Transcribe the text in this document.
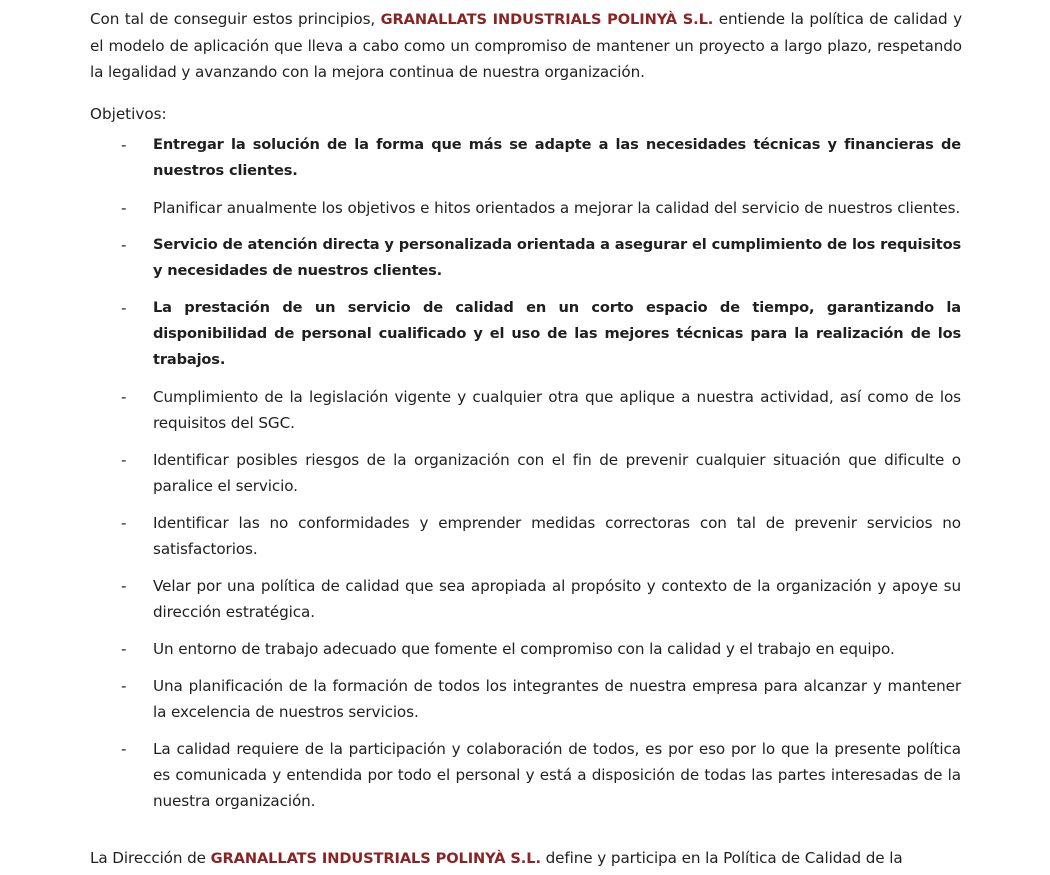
Con tal de conseguir estos principios, GRANALLATS INDUSTRIALS POLINYÀ S.L. entiende la política de calidad y el modelo de aplicación que lleva a cabo como un compromiso de mantener un proyecto a largo plazo, respetando la legalidad y avanzando con la mejora continua de nuestra organización.

Objetivos:
- Entregar la solución de la forma que más se adapte a las necesidades técnicas y financieras de nuestros clientes.
- Planificar anualmente los objetivos e hitos orientados a mejorar la calidad del servicio de nuestros clientes.
- Servicio de atención directa y personalizada orientada a asegurar el cumplimiento de los requisitos y necesidades de nuestros clientes.
- La prestación de un servicio de calidad en un corto espacio de tiempo, garantizando la disponibilidad de personal cualificado y el uso de las mejores técnicas para la realización de los trabajos.
- Cumplimiento de la legislación vigente y cualquier otra que aplique a nuestra actividad, así como de los requisitos del SGC.
- Identificar posibles riesgos de la organización con el fin de prevenir cualquier situación que dificulte o paralice el servicio.
- Identificar las no conformidades y emprender medidas correctoras con tal de prevenir servicios no satisfactorios.
- Velar por una política de calidad que sea apropiada al propósito y contexto de la organización y apoye su dirección estratégica.
- Un entorno de trabajo adecuado que fomente el compromiso con la calidad y el trabajo en equipo.
- Una planificación de la formación de todos los integrantes de nuestra empresa para alcanzar y mantener la excelencia de nuestros servicios.
- La calidad requiere de la participación y colaboración de todos, es por eso por lo que la presente política es comunicada y entendida por todo el personal y está a disposición de todas las partes interesadas de la nuestra organización.

La Dirección de GRANALLATS INDUSTRIALS POLINYÀ S.L. define y participa en la Política de Calidad de la
